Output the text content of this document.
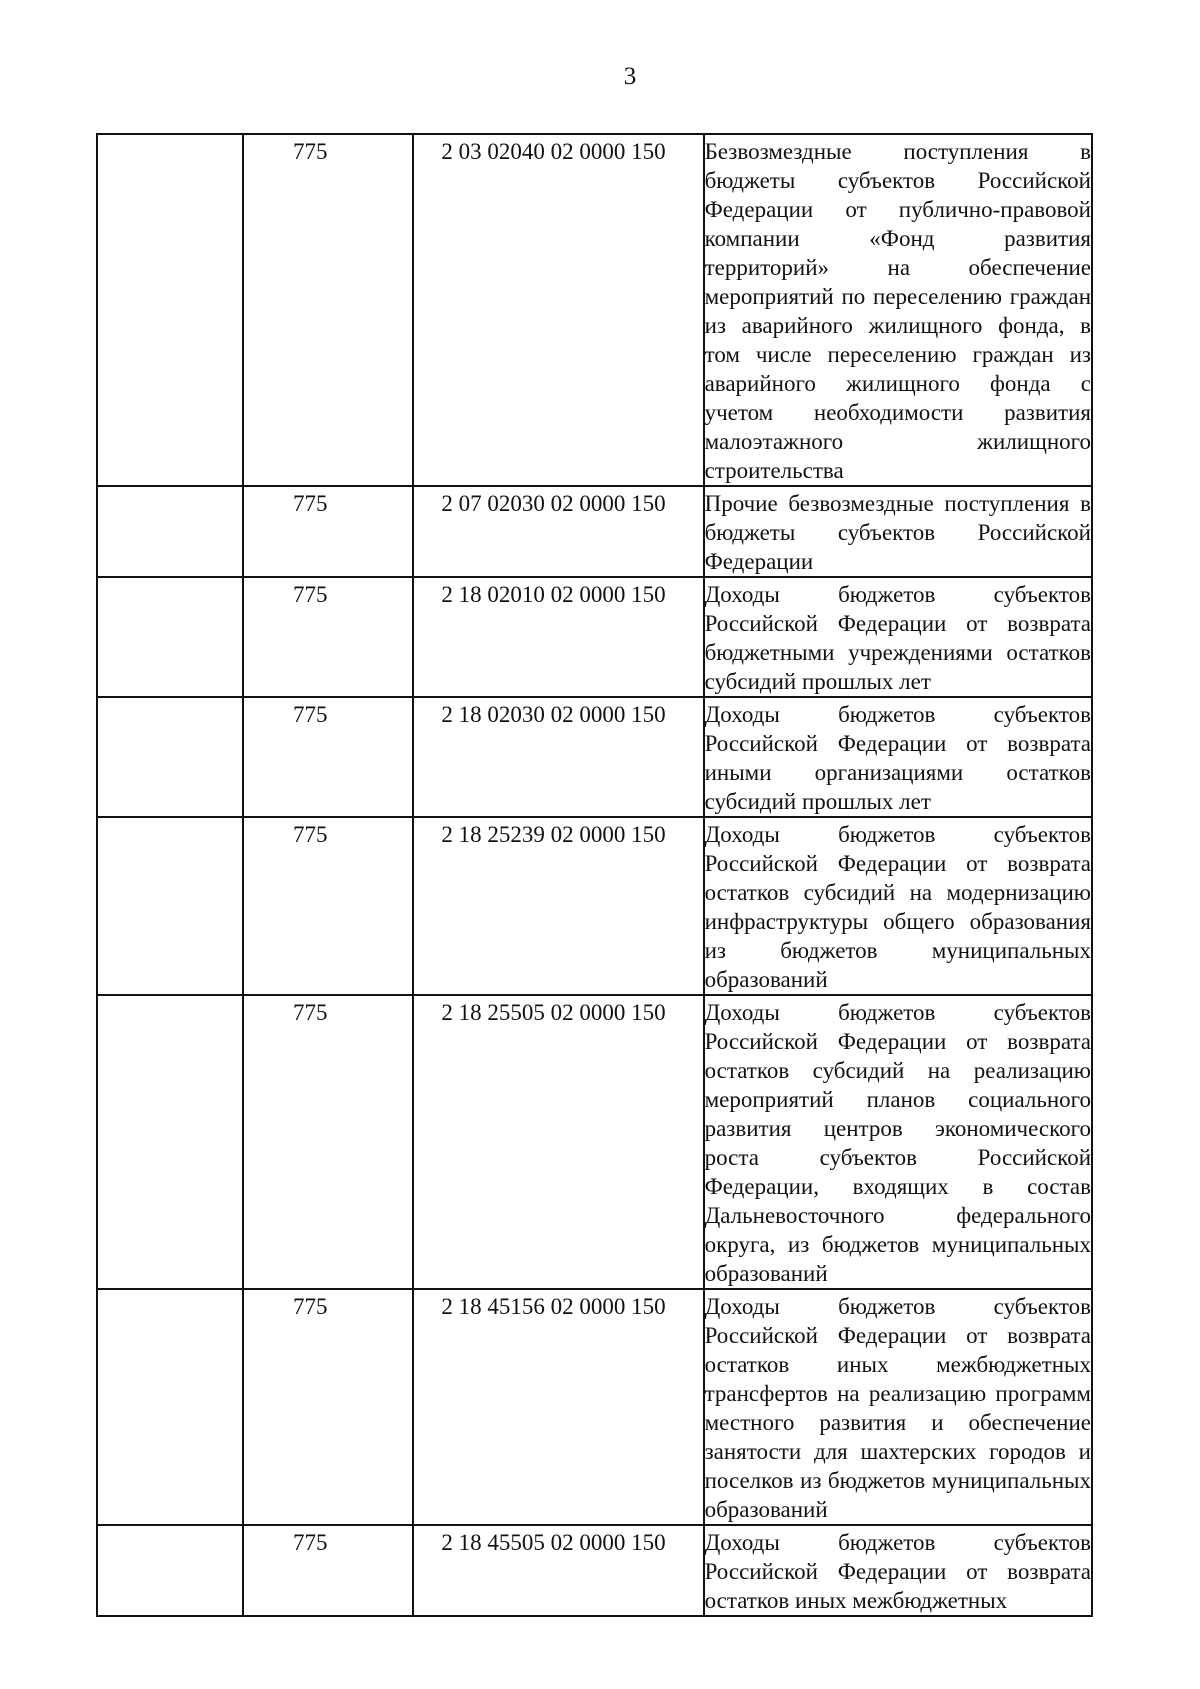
3
	775	2 03 02040 02 0000 150	Безвозмездные поступления в бюджеты субъектов Российской Федерации от публично-правовой компании «Фонд развития территорий» на обеспечение мероприятий по переселению граждан из аварийного жилищного фонда, в том числе переселению граждан из аварийного жилищного фонда с учетом необходимости развития малоэтажного жилищного строительства
	775	2 07 02030 02 0000 150	Прочие безвозмездные поступления в бюджеты субъектов Российской Федерации
	775	2 18 02010 02 0000 150	Доходы бюджетов субъектов Российской Федерации от возврата бюджетными учреждениями остатков субсидий прошлых лет
	775	2 18 02030 02 0000 150	Доходы бюджетов субъектов Российской Федерации от возврата иными организациями остатков субсидий прошлых лет
	775	2 18 25239 02 0000 150	Доходы бюджетов субъектов Российской Федерации от возврата остатков субсидий на модернизацию инфраструктуры общего образования из бюджетов муниципальных образований
	775	2 18 25505 02 0000 150	Доходы бюджетов субъектов Российской Федерации от возврата остатков субсидий на реализацию мероприятий планов социального развития центров экономического роста субъектов Российской Федерации, входящих в состав Дальневосточного федерального округа, из бюджетов муниципальных образований
	775	2 18 45156 02 0000 150	Доходы бюджетов субъектов Российской Федерации от возврата остатков иных межбюджетных трансфертов на реализацию программ местного развития и обеспечение занятости для шахтерских городов и поселков из бюджетов муниципальных образований
	775	2 18 45505 02 0000 150	Доходы бюджетов субъектов Российской Федерации от возврата остатков иных межбюджетных
